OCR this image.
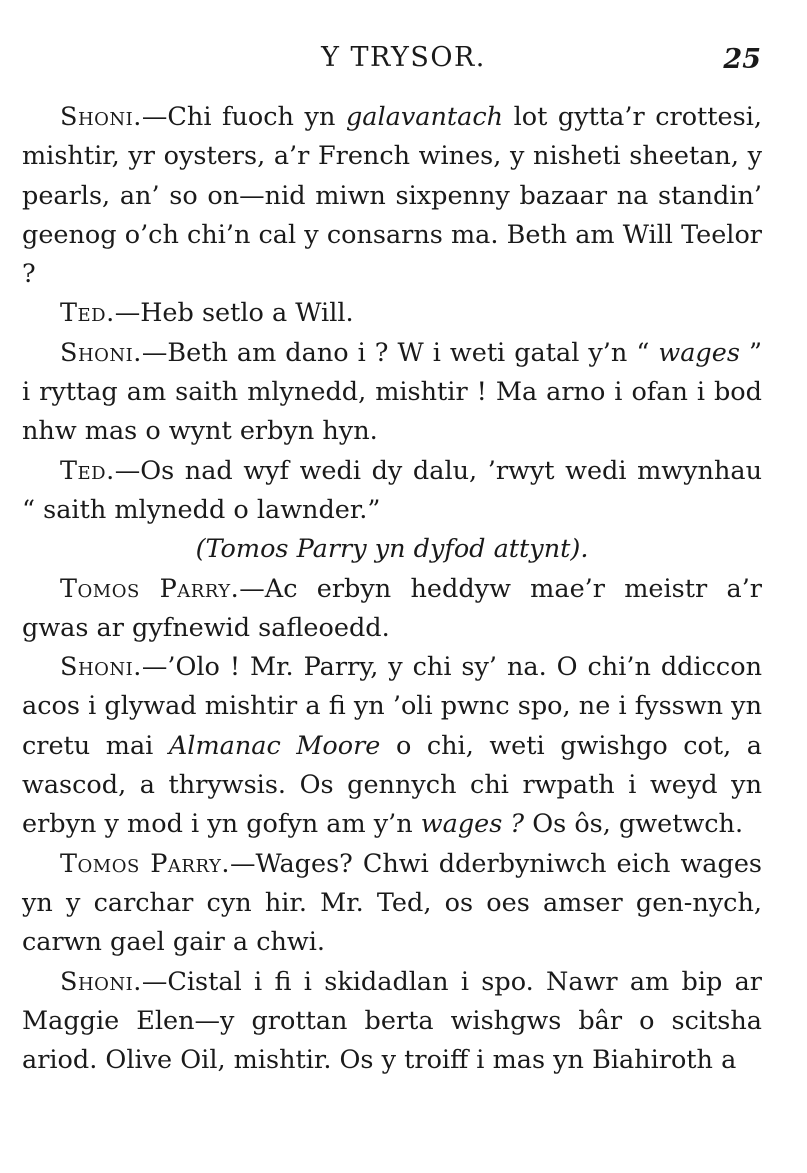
Y TRYSOR.	25

Shoni.—Chi fuoch yn galavantach lot gytta’r crottesi, mishtir, yr oysters, a’r French wines, y nisheti sheetan, y pearls, an’ so on—nid miwn sixpenny bazaar na standin’ geenog o’ch chi’n cal y consarns ma. Beth am Will Teelor ?

Ted.—Heb setlo a Will.

Shoni.—Beth am dano i ? W i weti gatal y’n “ wages ” i ryttag am saith mlynedd, mishtir ! Ma arno i ofan i bod nhw mas o wynt erbyn hyn.

Ted.—Os nad wyf wedi dy dalu, ’rwyt wedi mwynhau “ saith mlynedd o lawnder.”

(Tomos Parry yn dyfod attynt).

Tomos Parry.—Ac erbyn heddyw mae’r meistr a’r gwas ar gyfnewid safleoedd.

Shoni.—’Olo ! Mr. Parry, y chi sy’ na. O chi’n ddiccon acos i glywad mishtir a fi yn ’oli pwnc spo, ne i fysswn yn cretu mai Almanac Moore o chi, weti gwishgo cot, a wascod, a thrywsis. Os gennych chi rwpath i weyd yn erbyn y mod i yn gofyn am y’n wages ? Os ôs, gwetwch.

Tomos Parry.—Wages? Chwi dderbyniwch eich wages yn y carchar cyn hir. Mr. Ted, os oes amser gen-nych, carwn gael gair a chwi.

Shoni.—Cistal i fi i skidadlan i spo. Nawr am bip ar Maggie Elen—y grottan berta wishgws bâr o scitsha ariod. Olive Oil, mishtir. Os y troiff i mas yn Biahiroth a
